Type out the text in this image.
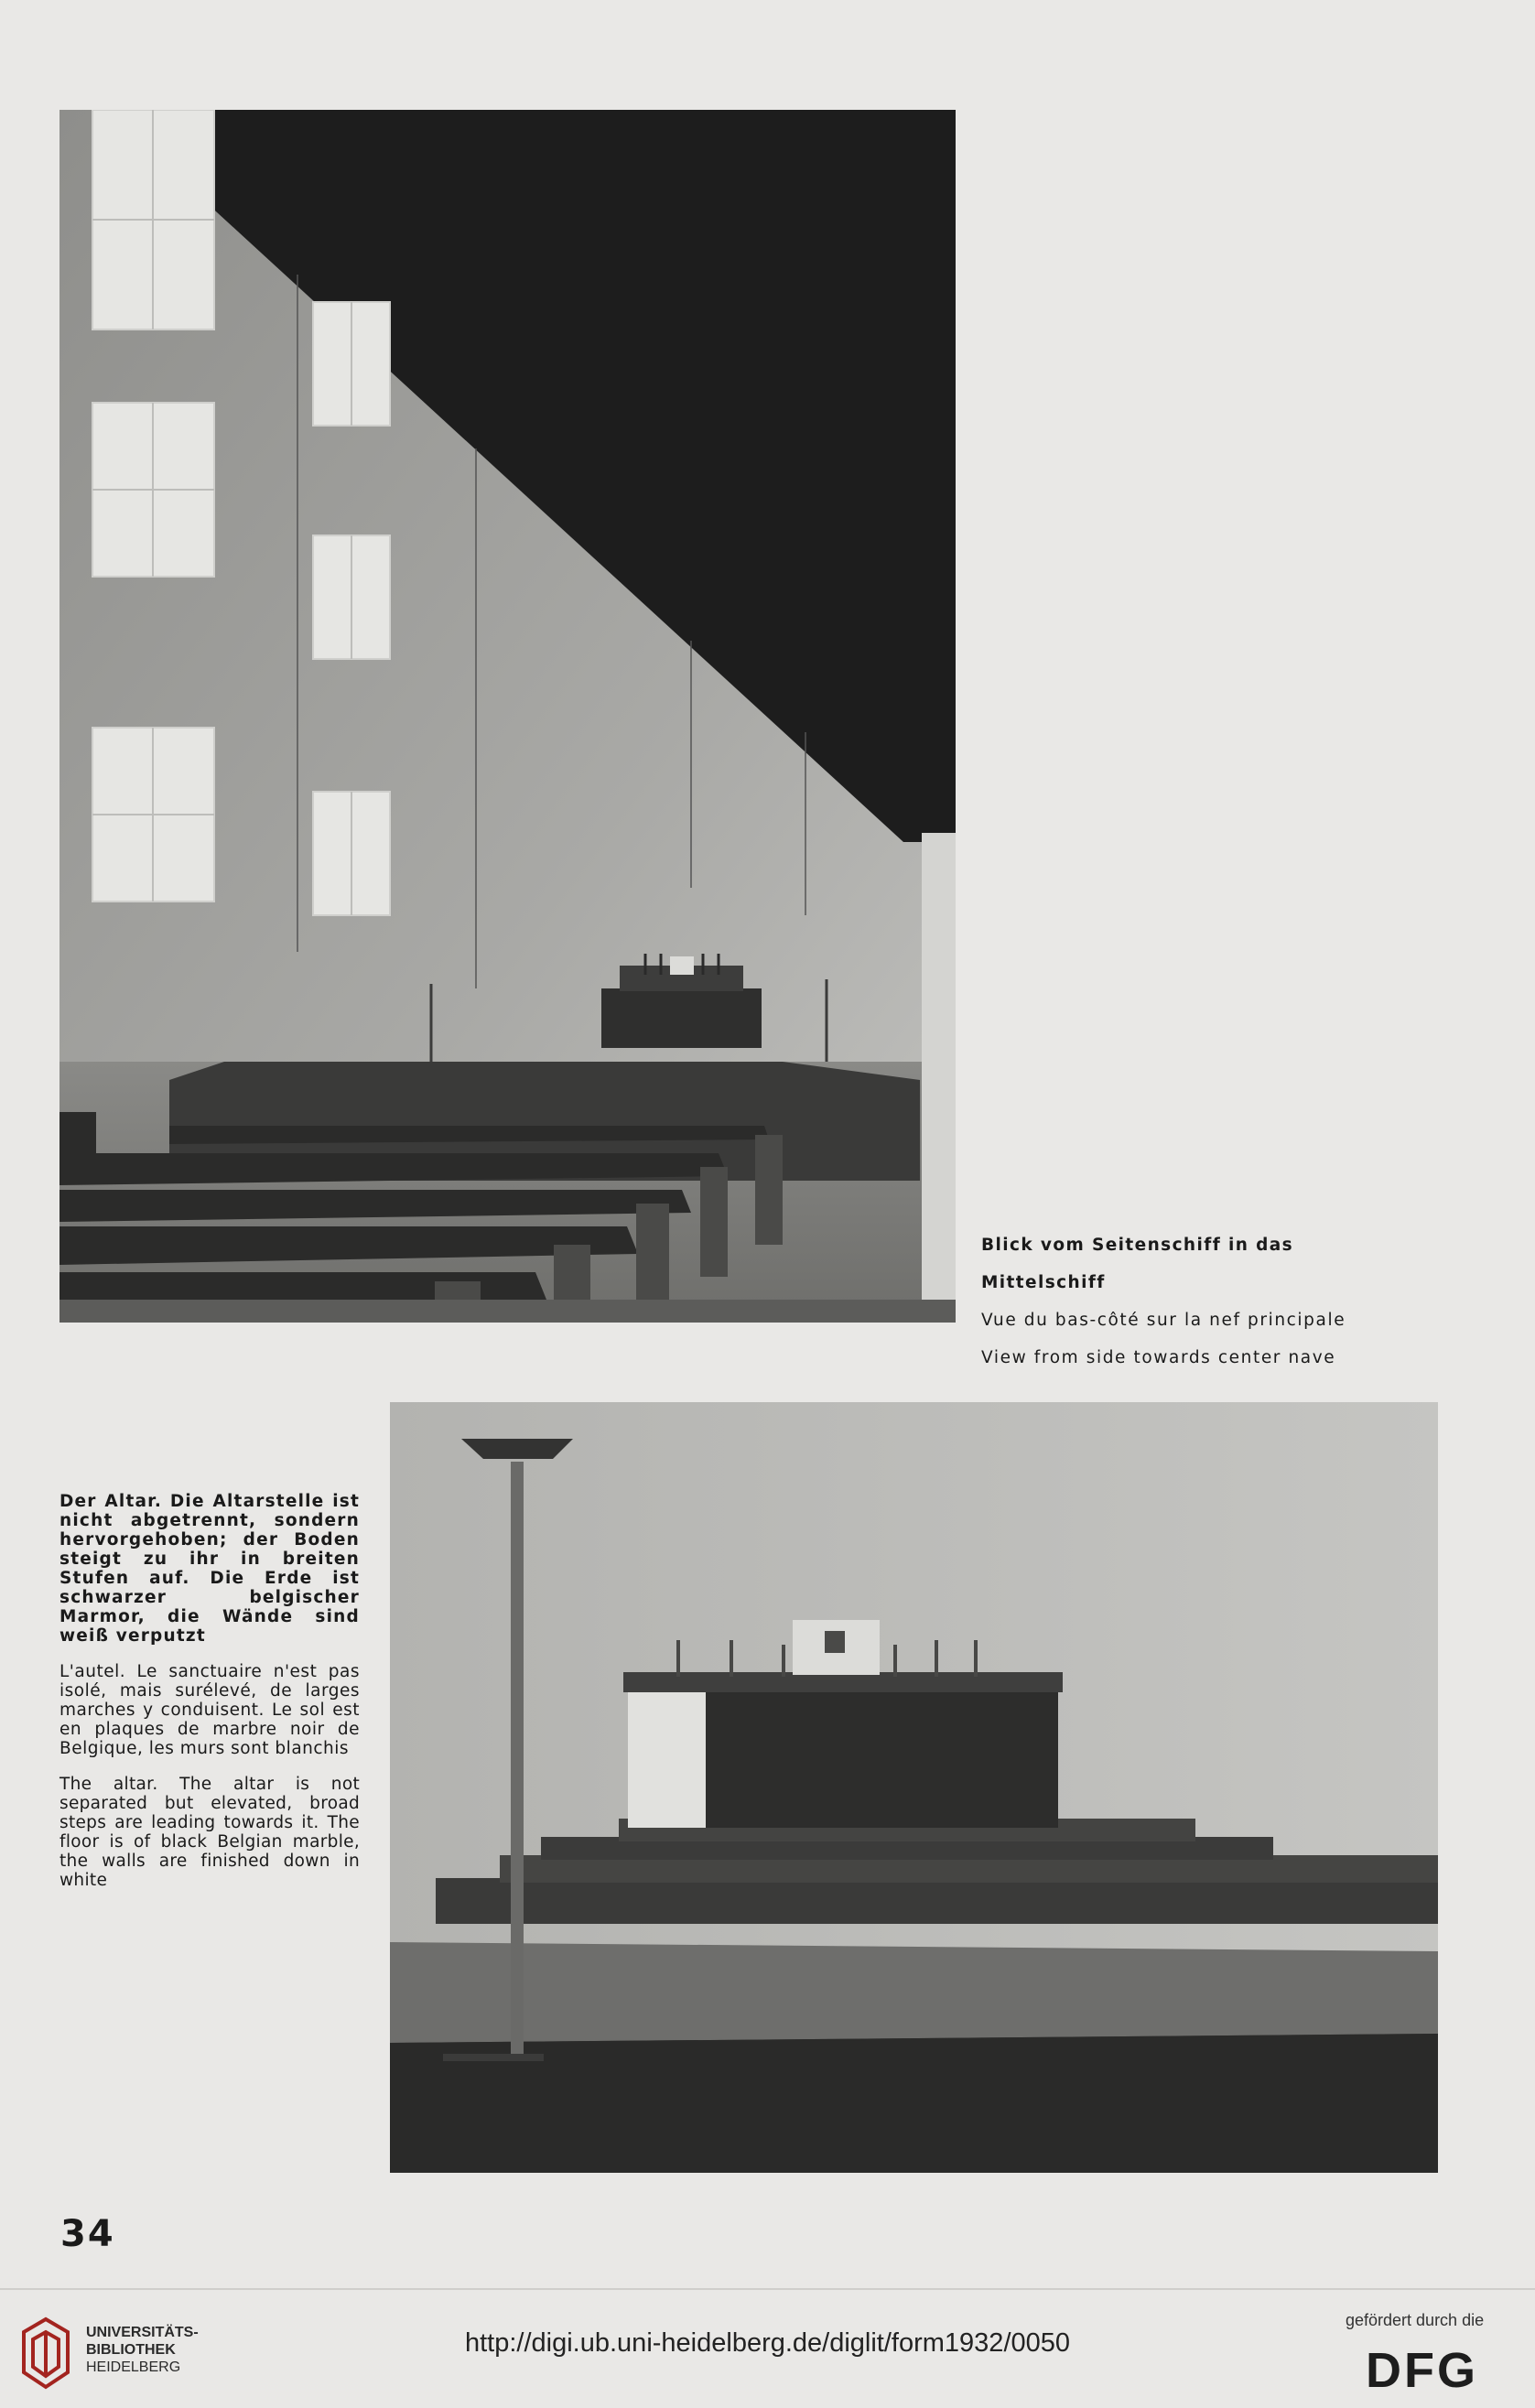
Blick vom Seitenschiff in das Mittelschiff
Vue du bas-côté sur la nef principale
View from side towards center nave

Der Altar. Die Altarstelle ist nicht abgetrennt, sondern hervorgehoben; der Boden steigt zu ihr in breiten Stufen auf. Die Erde ist schwarzer belgischer Marmor, die Wände sind weiß verputzt

L'autel. Le sanctuaire n'est pas isolé, mais surélevé, de larges marches y conduisent. Le sol est en plaques de marbre noir de Belgique, les murs sont blanchis

The altar. The altar is not separated but elevated, broad steps are leading towards it. The floor is of black Belgian marble, the walls are finished down in white

34
UNIVERSITÄTS-
BIBLIOTHEK
HEIDELBERG
http://digi.ub.uni-heidelberg.de/diglit/form1932/0050
gefördert durch die
DFG
